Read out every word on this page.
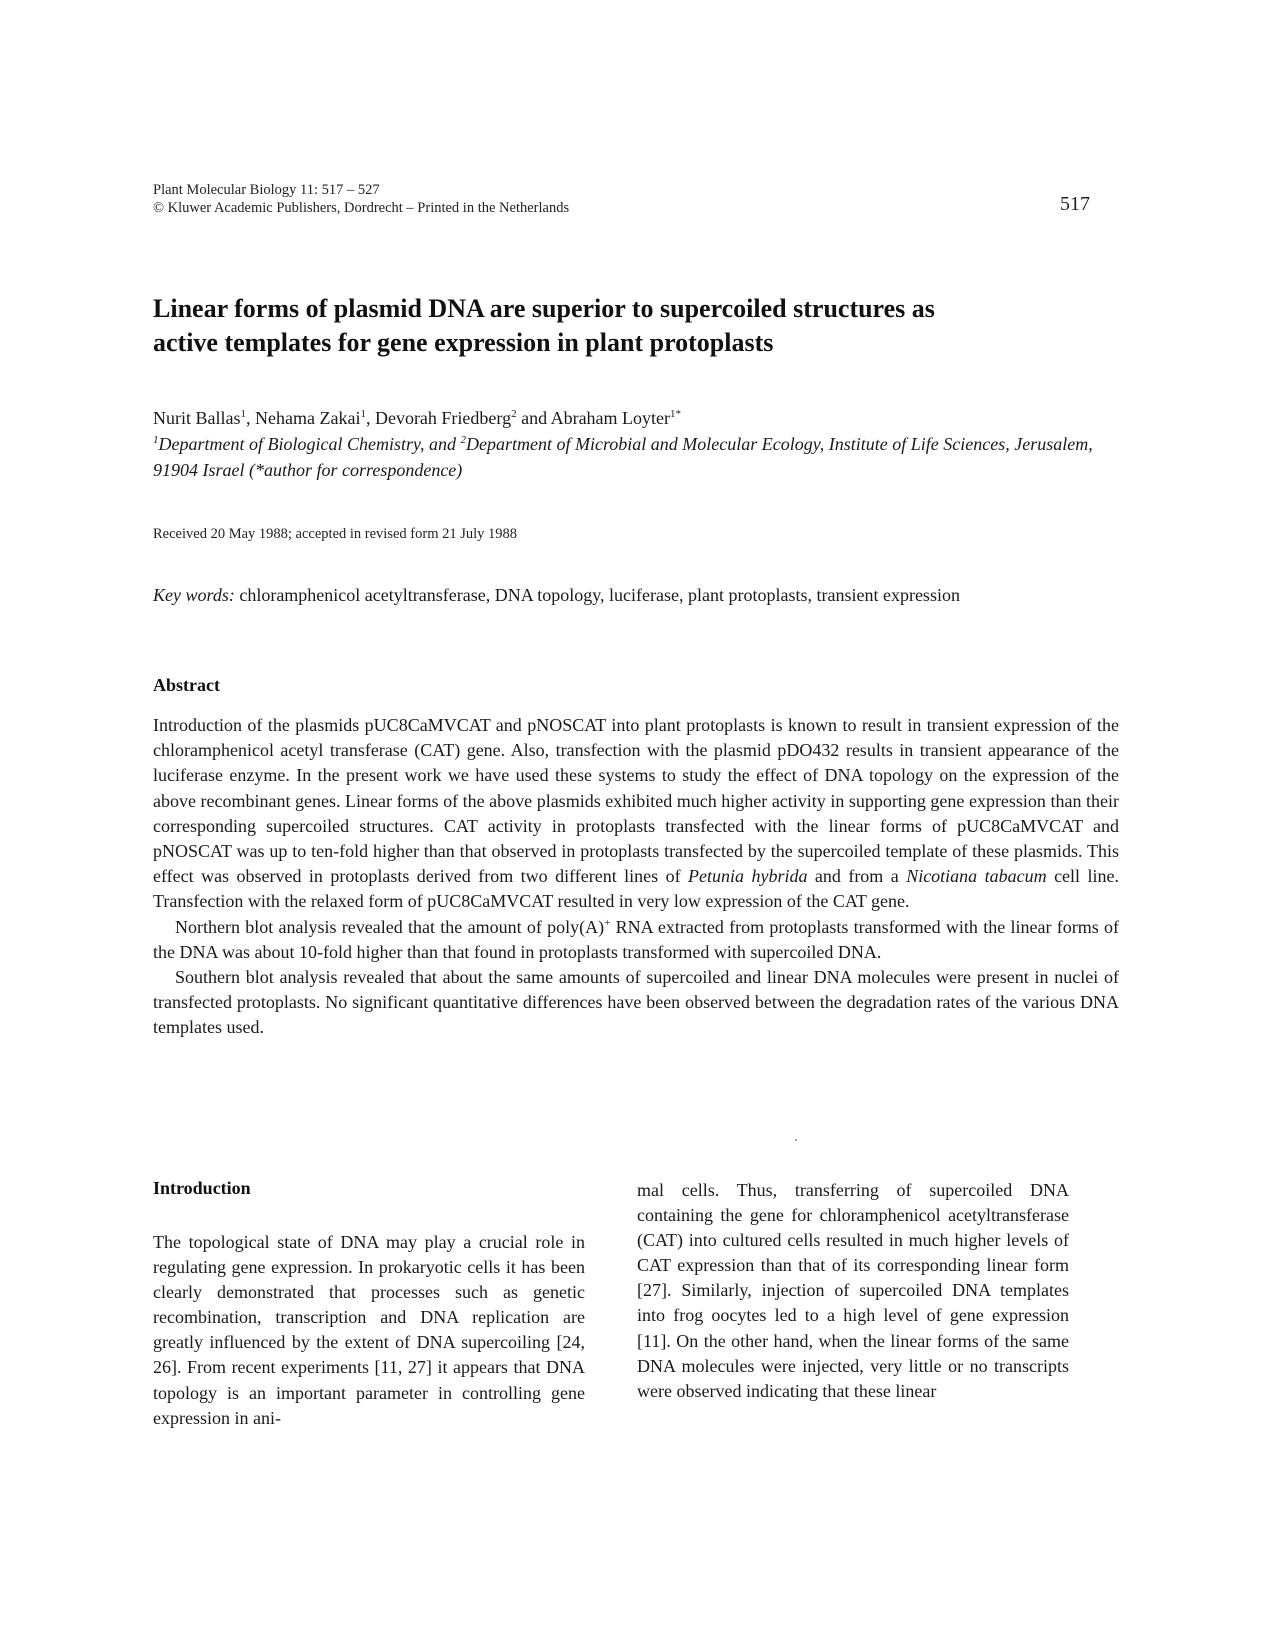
Plant Molecular Biology 11: 517 – 527
© Kluwer Academic Publishers, Dordrecht – Printed in the Netherlands	517
Linear forms of plasmid DNA are superior to supercoiled structures as
active templates for gene expression in plant protoplasts
Nurit Ballas$^1$, Nehama Zakai$^1$, Devorah Friedberg$^2$ and Abraham Loyter$^{1*}$
$^1$Department of Biological Chemistry, and $^2$Department of Microbial and Molecular Ecology, Institute of Life Sciences, Jerusalem, 91904 Israel (*author for correspondence)
Received 20 May 1988; accepted in revised form 21 July 1988
Key words: chloramphenicol acetyltransferase, DNA topology, luciferase, plant protoplasts, transient expression
Abstract

Introduction of the plasmids pUC8CaMVCAT and pNOSCAT into plant protoplasts is known to result in transient expression of the chloramphenicol acetyl transferase (CAT) gene. Also, transfection with the plasmid pDO432 results in transient appearance of the luciferase enzyme. In the present work we have used these systems to study the effect of DNA topology on the expression of the above recombinant genes. Linear forms of the above plasmids exhibited much higher activity in supporting gene expression than their corresponding supercoiled structures. CAT activity in protoplasts transfected with the linear forms of pUC8CaMVCAT and pNOSCAT was up to ten-fold higher than that observed in protoplasts transfected by the supercoiled template of these plasmids. This effect was observed in protoplasts derived from two different lines of Petunia hybrida and from a Nicotiana tabacum cell line. Transfection with the relaxed form of pUC8CaMVCAT resulted in very low expression of the CAT gene.

Northern blot analysis revealed that the amount of poly(A)+ RNA extracted from protoplasts transformed with the linear forms of the DNA was about 10-fold higher than that found in protoplasts transformed with supercoiled DNA.

Southern blot analysis revealed that about the same amounts of supercoiled and linear DNA molecules were present in nuclei of transfected protoplasts. No significant quantitative differences have been observed between the degradation rates of the various DNA templates used.

Introduction

The topological state of DNA may play a crucial role in regulating gene expression. In prokaryotic cells it has been clearly demonstrated that processes such as genetic recombination, transcription and DNA replication are greatly influenced by the extent of DNA supercoiling [24, 26]. From recent experiments [11, 27] it appears that DNA topology is an important parameter in controlling gene expression in ani-

mal cells. Thus, transferring of supercoiled DNA containing the gene for chloramphenicol acetyltransferase (CAT) into cultured cells resulted in much higher levels of CAT expression than that of its corresponding linear form [27]. Similarly, injection of supercoiled DNA templates into frog oocytes led to a high level of gene expression [11]. On the other hand, when the linear forms of the same DNA molecules were injected, very little or no transcripts were observed indicating that these linear
